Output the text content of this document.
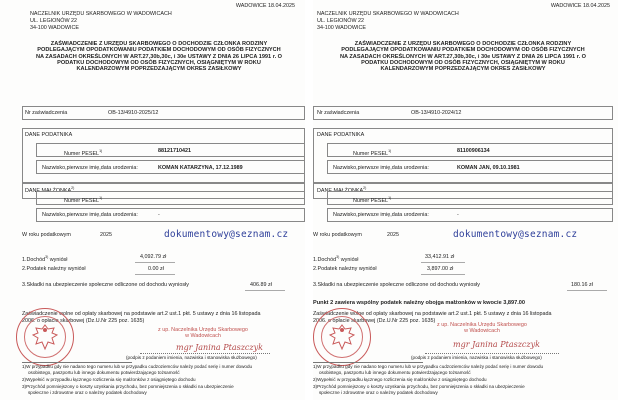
WADOWICE 18.04.2025
NACZELNIK URZĘDU SKARBOWEGO W WADOWICACH
UL. LEGIONÓW 22
34-100 WADOWICE
ZAŚWIADCZENIE Z URZĘDU SKARBOWEGO O DOCHODZIE CZŁONKA RODZINY
PODLEGAJĄCYM OPODATKOWANIU PODATKIEM DOCHODOWYM OD OSÓB FIZYCZNYCH
NA ZASADACH OKREŚLONYCH W ART.27,30b,30c, i 30e USTAWY Z DNIA 26 LIPCA 1991 r. O
PODATKU DOCHODOWYM OD OSÓB FIZYCZNYCH, OSIĄGNIĘTYM W ROKU
KALENDARZOWYM POPRZEDZAJĄCYM OKRES ZASIŁKOWY
Nr zaświadczenia	OB-13/4910-2025/12
DANE PODATNIKA
Numer PESEL$^{1)}$	88121710421
Nazwisko,pierwsze imię,data urodzenia:	KOMAN KATARZYNA, 17.12.1989
DANE MAŁŻONKA$^{2)}$
Numer PESEL$^{1)}$
Nazwisko,pierwsze imię,data urodzenia:	-
W roku podatkowym	2025	dokumentowy@seznam.cz
1.Dochód$^{3)}$ wyniósł	4,092.79 zł
2.Podatek należny wyniósł	0.00 zł
3.Składki na ubezpieczenie społeczne odliczone od dochodu wyniosły	406.89 zł
Zaświadczenie wolne od opłaty skarbowej na podstawie art.2 ust.1 pkt. 5 ustawy z dnia 16 listopada
2006. o opłacie skarbowej (Dz.U.Nr 225 poz. 1635)
z up. Naczelnika Urzędu Skarbowego
w Wadowicach
mgr Janina Ptaszczyk
(podpis z podaniem imienia, nazwiska i stanowiska służbowego)
1)W przypadku gdy nie nadano tego numeru lub w przypadku cudzoziemców należy podać serię i numer dowodu
osobistego, paszportu lub innego dokumentu potwierdzającego tożsamość
2)Wypełnić w przypadku łącznego rozliczenia się małżonków z osiągniętego dochodu
3)Przychód pomniejszony o koszty uzyskania przychodu, bez pomniejszenia o składki na ubezpieczenie
społeczne i zdrowotne oraz o należny podatek dochodowy
WADOWICE 18.04.2025
NACZELNIK URZĘDU SKARBOWEGO W WADOWICACH
UL. LEGIONÓW 22
34-100 WADOWICE
ZAŚWIADCZENIE Z URZĘDU SKARBOWEGO O DOCHODZIE CZŁONKA RODZINY
PODLEGAJĄCYM OPODATKOWANIU PODATKIEM DOCHODOWYM OD OSÓB FIZYCZNYCH
NA ZASADACH OKREŚLONYCH W ART.27,30b,30c, i 30e USTAWY Z DNIA 26 LIPCA 1991 r. O
PODATKU DOCHODOWYM OD OSÓB FIZYCZNYCH, OSIĄGNIĘTYM W ROKU
KALENDARZOWYM POPRZEDZAJĄCYM OKRES ZASIŁKOWY
Nr zaświadczenia	OB-13/4910-2024/12
DANE PODATNIKA
Numer PESEL$^{1)}$	81100906134
Nazwisko,pierwsze imię,data urodzenia:	KOMAN JAN, 09.10.1981
DANE MAŁŻONKA$^{2)}$
Numer PESEL$^{1)}$
Nazwisko,pierwsze imię,data urodzenia:	-
W roku podatkowym	2025	dokumentowy@seznam.cz
1.Dochód$^{3)}$ wyniósł	33,412.91 zł
2.Podatek należny wyniósł	3,897.00 zł
3.Składki na ubezpieczenie społeczne odliczone od dochodu wyniosły	180.16 zł
Punkt 2 zawiera wspólny podatek należny obojga małżonków w kwocie 3,897.00
Zaświadczenie wolne od opłaty skarbowej na podstawie art.2 ust.1 pkt. 5 ustawy z dnia 16 listopada
2006. o opłacie skarbowej (Dz.U.Nr 225 poz. 1635)
z up. Naczelnika Urzędu Skarbowego
w Wadowicach
mgr Janina Ptaszczyk
(podpis z podaniem imienia, nazwiska i stanowiska służbowego)
1)W przypadku gdy nie nadano tego numeru lub w przypadku cudzoziemców należy podać serię i numer dowodu
osobistego, paszportu lub innego dokumentu potwierdzającego tożsamość
2)Wypełnić w przypadku łącznego rozliczenia się małżonków z osiągniętego dochodu
3)Przychód pomniejszony o koszty uzyskania przychodu, bez pomniejszenia o składki na ubezpieczenie
społeczne i zdrowotne oraz o należny podatek dochodowy
